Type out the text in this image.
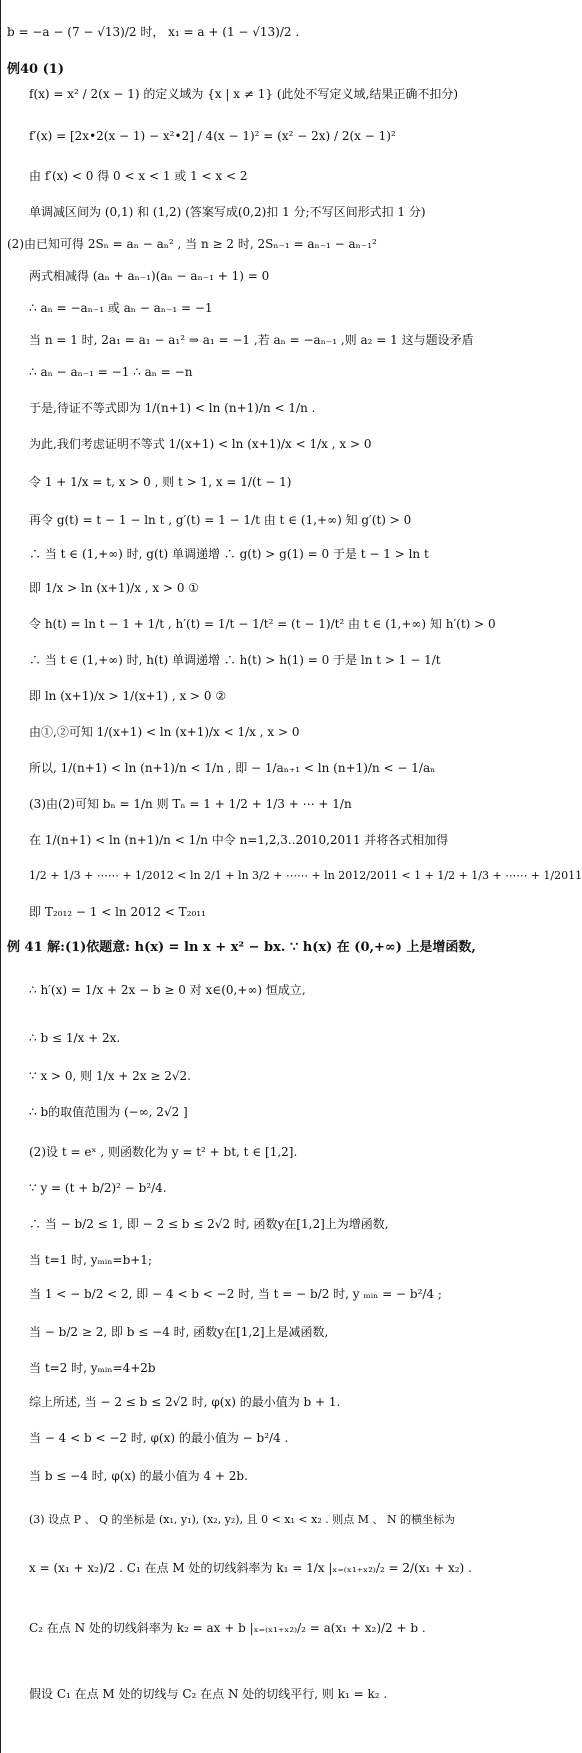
b = −a − (7 − √13)/2 时， x₁ = a + (1 − √13)/2 .
例40 (1)
f(x) = x² / 2(x − 1) 的定义域为 {x | x ≠ 1} (此处不写定义域,结果正确不扣分)
f′(x) = [2x•2(x − 1) − x²•2] / 4(x − 1)² = (x² − 2x) / 2(x − 1)²
由 f′(x) < 0 得 0 < x < 1 或 1 < x < 2
单调减区间为 (0,1) 和 (1,2) (答案写成(0,2)扣 1 分;不写区间形式扣 1 分)
(2)由已知可得 2Sₙ = aₙ − aₙ² , 当 n ≥ 2 时, 2Sₙ₋₁ = aₙ₋₁ − aₙ₋₁²
两式相减得 (aₙ + aₙ₋₁)(aₙ − aₙ₋₁ + 1) = 0
∴ aₙ = −aₙ₋₁ 或 aₙ − aₙ₋₁ = −1
当 n = 1 时, 2a₁ = a₁ − a₁² ⇒ a₁ = −1 ,若 aₙ = −aₙ₋₁ ,则 a₂ = 1 这与题设矛盾
∴ aₙ − aₙ₋₁ = −1 ∴ aₙ = −n
于是,待证不等式即为 1/(n+1) < ln (n+1)/n < 1/n .
为此,我们考虑证明不等式 1/(x+1) < ln (x+1)/x < 1/x , x > 0
令 1 + 1/x = t, x > 0 , 则 t > 1, x = 1/(t − 1)
再令 g(t) = t − 1 − ln t , g′(t) = 1 − 1/t 由 t ∈ (1,+∞) 知 g′(t) > 0
∴ 当 t ∈ (1,+∞) 时, g(t) 单调递增 ∴ g(t) > g(1) = 0 于是 t − 1 > ln t
即 1/x > ln (x+1)/x , x > 0 ①
令 h(t) = ln t − 1 + 1/t , h′(t) = 1/t − 1/t² = (t − 1)/t² 由 t ∈ (1,+∞) 知 h′(t) > 0
∴ 当 t ∈ (1,+∞) 时, h(t) 单调递增 ∴ h(t) > h(1) = 0 于是 ln t > 1 − 1/t
即 ln (x+1)/x > 1/(x+1) , x > 0 ②
由①,②可知 1/(x+1) < ln (x+1)/x < 1/x , x > 0
所以, 1/(n+1) < ln (n+1)/n < 1/n , 即 − 1/aₙ₊₁ < ln (n+1)/n < − 1/aₙ
(3)由(2)可知 bₙ = 1/n 则 Tₙ = 1 + 1/2 + 1/3 + ⋯ + 1/n
在 1/(n+1) < ln (n+1)/n < 1/n 中令 n=1,2,3..2010,2011 并将各式相加得
1/2 + 1/3 + ⋯⋯ + 1/2012 < ln 2/1 + ln 3/2 + ⋯⋯ + ln 2012/2011 < 1 + 1/2 + 1/3 + ⋯⋯ + 1/2011
即 T₂₀₁₂ − 1 < ln 2012 < T₂₀₁₁
例 41 解:(1)依题意: h(x) = ln x + x² − bx. ∵ h(x) 在 (0,+∞) 上是增函数,
∴ h′(x) = 1/x + 2x − b ≥ 0 对 x∈(0,+∞) 恒成立,
∴ b ≤ 1/x + 2x.
∵ x > 0, 则 1/x + 2x ≥ 2√2.
∴ b的取值范围为 (−∞, 2√2 ]
(2)设 t = eˣ , 则函数化为 y = t² + bt, t ∈ [1,2].
∵ y = (t + b/2)² − b²/4.
∴ 当 − b/2 ≤ 1, 即 − 2 ≤ b ≤ 2√2 时, 函数y在[1,2]上为增函数,
当 t=1 时, yₘᵢₙ=b+1;
当 1 < − b/2 < 2, 即 − 4 < b < −2 时, 当 t = − b/2 时, y ₘᵢₙ = − b²/4 ;
当 − b/2 ≥ 2, 即 b ≤ −4 时, 函数y在[1,2]上是减函数,
当 t=2 时, yₘᵢₙ=4+2b
综上所述, 当 − 2 ≤ b ≤ 2√2 时, φ(x) 的最小值为 b + 1.
当 − 4 < b < −2 时, φ(x) 的最小值为 − b²/4 .
当 b ≤ −4 时, φ(x) 的最小值为 4 + 2b.
(3) 设点 P 、 Q 的坐标是 (x₁, y₁), (x₂, y₂), 且 0 < x₁ < x₂ . 则点 M 、 N 的横坐标为
x = (x₁ + x₂)/2 . C₁ 在点 M 处的切线斜率为 k₁ = 1/x |ₓ₌₍ₓ₁₊ₓ₂₎/₂ = 2/(x₁ + x₂) .
C₂ 在点 N 处的切线斜率为 k₂ = ax + b |ₓ₌₍ₓ₁₊ₓ₂₎/₂ = a(x₁ + x₂)/2 + b .
假设 C₁ 在点 M 处的切线与 C₂ 在点 N 处的切线平行, 则 k₁ = k₂ .
